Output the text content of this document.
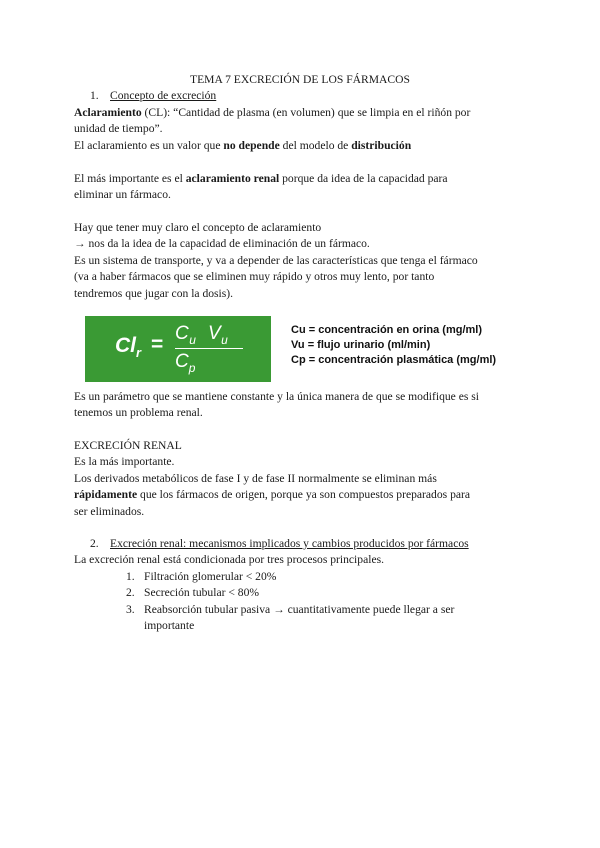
TEMA 7 EXCRECIÓN DE LOS FÁRMACOS
1. Concepto de excreción
Aclaramiento (CL): “Cantidad de plasma (en volumen) que se limpia en el riñón por
unidad de tiempo”.
El aclaramiento es un valor que no depende del modelo de distribución
El más importante es el aclaramiento renal porque da idea de la capacidad para
eliminar un fármaco.
Hay que tener muy claro el concepto de aclaramiento
→ nos da la idea de la capacidad de eliminación de un fármaco.
Es un sistema de transporte, y va a depender de las características que tenga el fármaco
(va a haber fármacos que se eliminen muy rápido y otros muy lento, por tanto
tendremos que jugar con la dosis).
$Cl_r = C_u$ $V_u$
$C_p$
Cu = concentración en orina (mg/ml)
Vu = flujo urinario (ml/min)
Cp = concentración plasmática (mg/ml)
Es un parámetro que se mantiene constante y la única manera de que se modifique es si
tenemos un problema renal.
EXCRECIÓN RENAL
Es la más importante.
Los derivados metabólicos de fase I y de fase II normalmente se eliminan más
rápidamente que los fármacos de origen, porque ya son compuestos preparados para
ser eliminados.
2. Excreción renal: mecanismos implicados y cambios producidos por fármacos
La excreción renal está condicionada por tres procesos principales.
1. Filtración glomerular < 20%
2. Secreción tubular < 80%
3. Reabsorción tubular pasiva → cuantitativamente puede llegar a ser
importante
